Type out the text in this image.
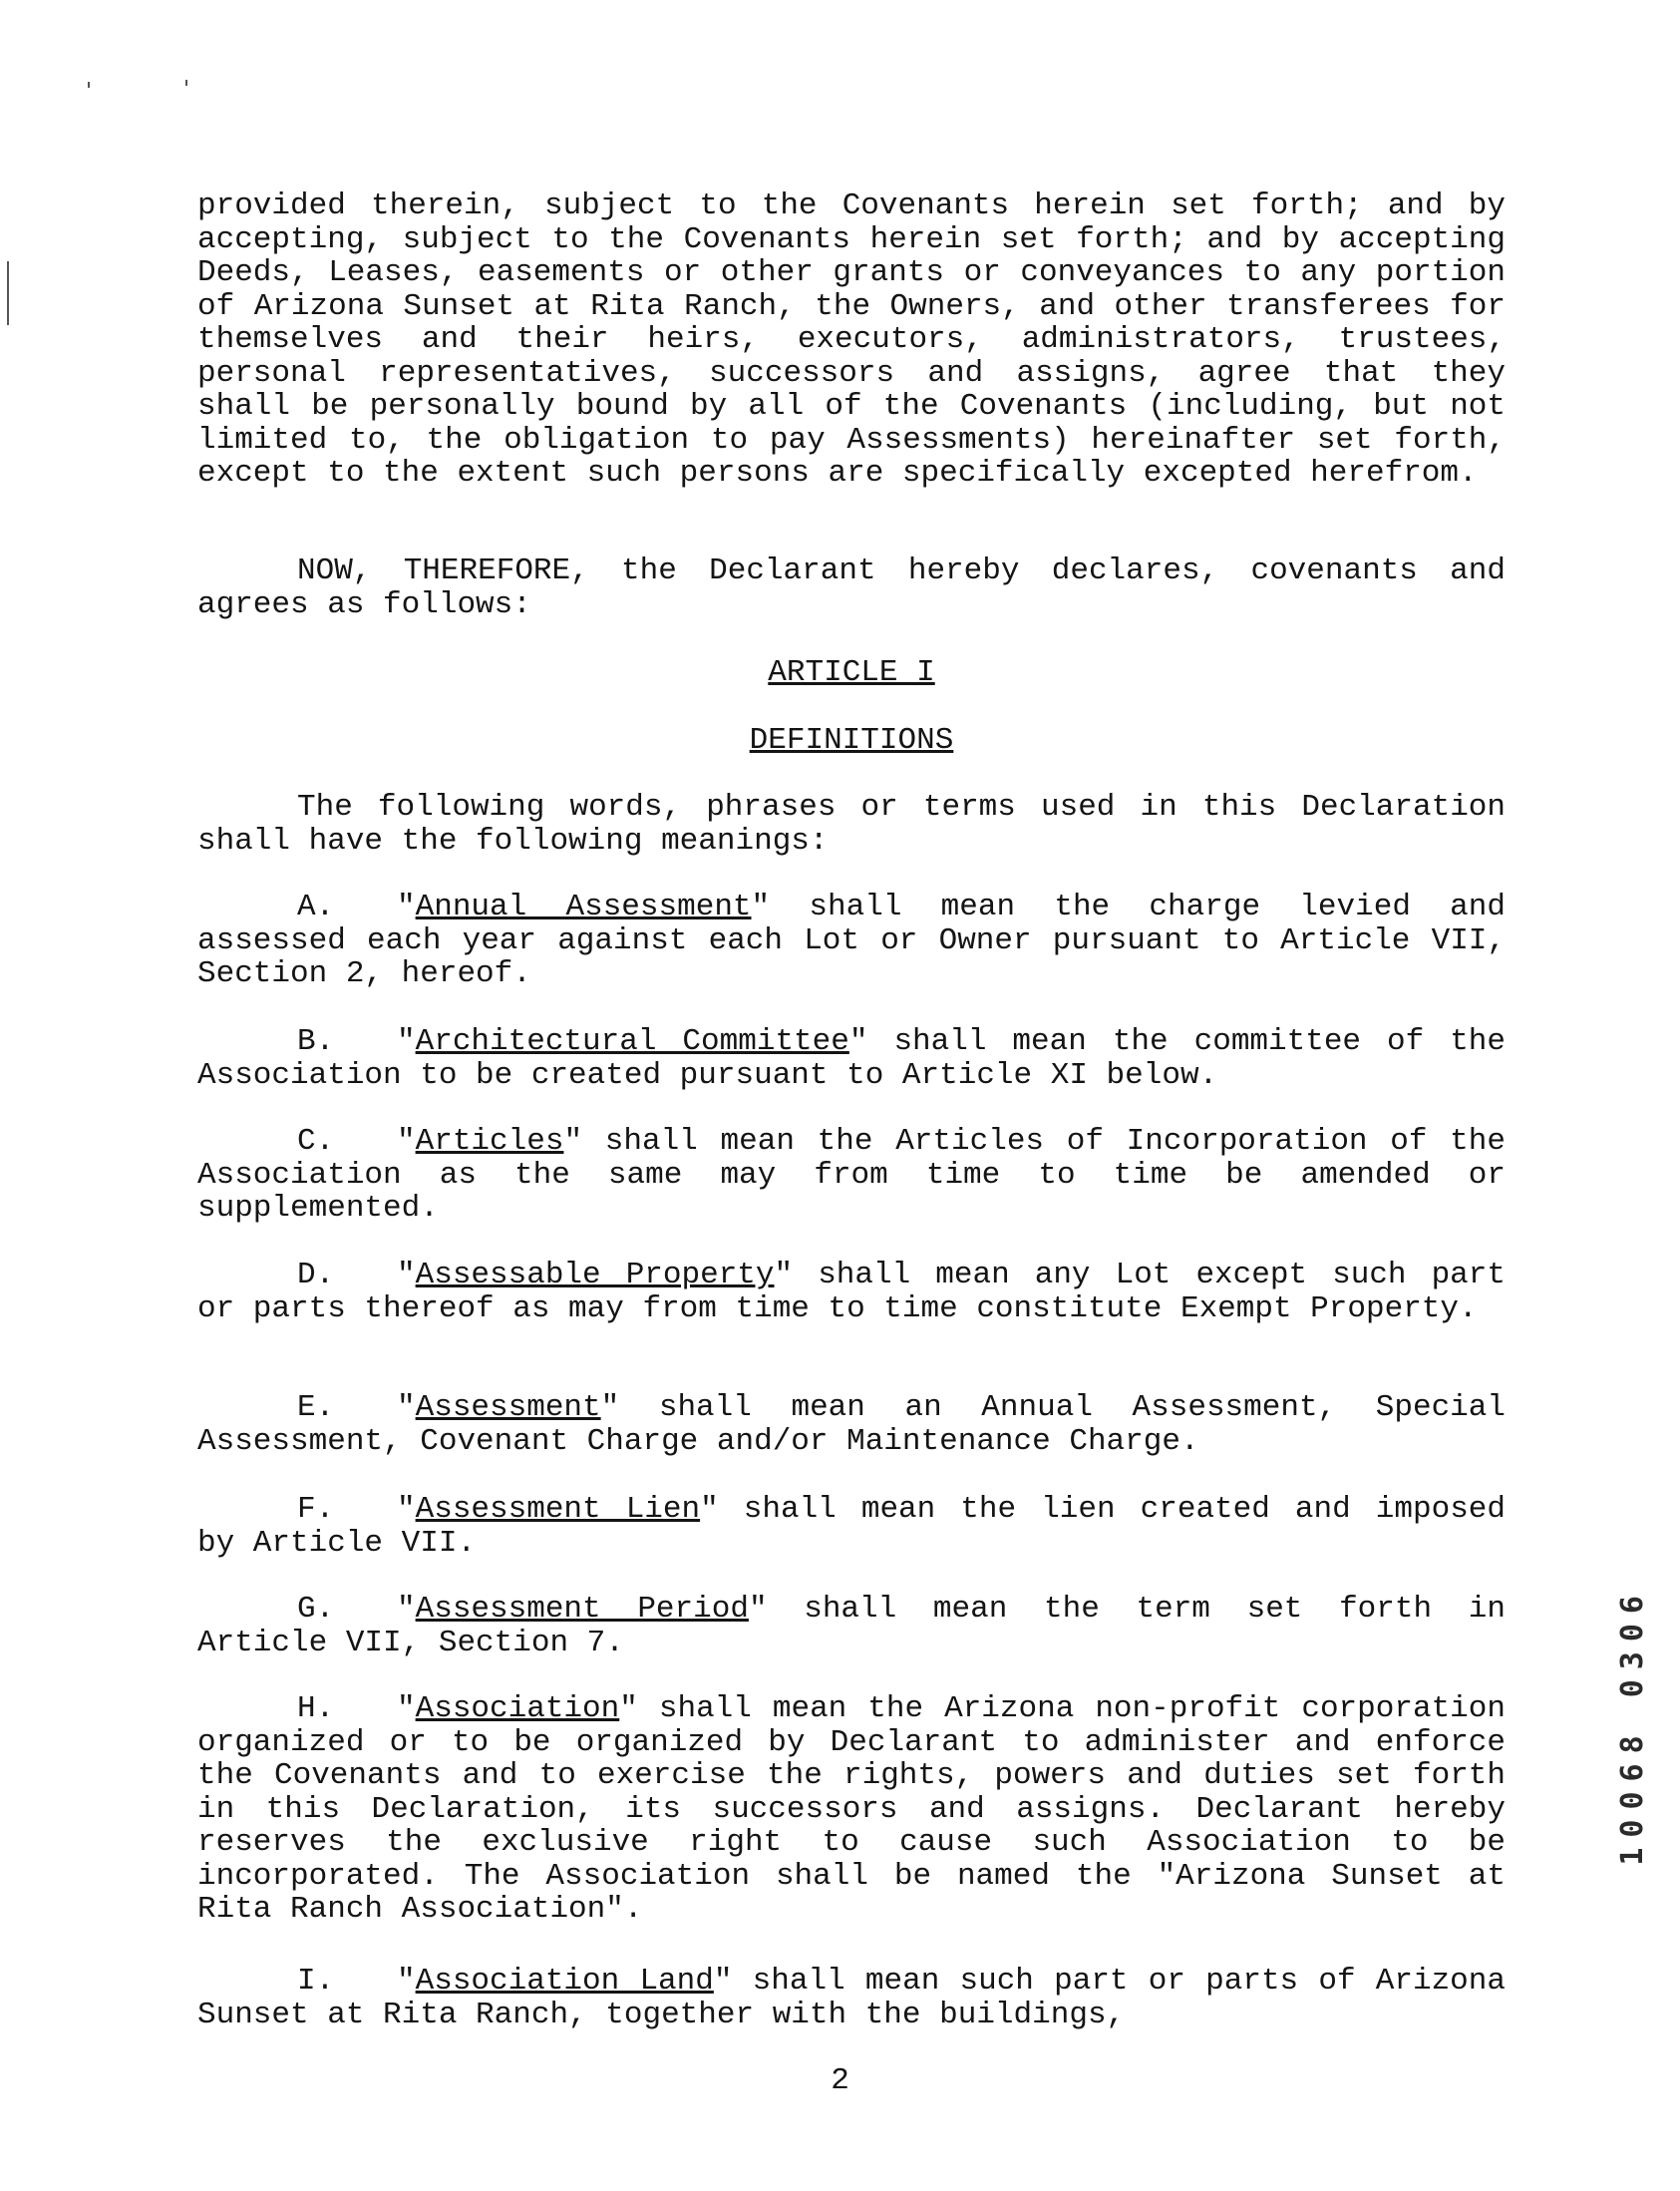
provided therein, subject to the Covenants herein set forth; and by accepting, subject to the Covenants herein set forth; and by accepting Deeds, Leases, easements or other grants or conveyances to any portion of Arizona Sunset at Rita Ranch, the Owners, and other transferees for themselves and their heirs, executors, administrators, trustees, personal representatives, successors and assigns, agree that they shall be personally bound by all of the Covenants (including, but not limited to, the obligation to pay Assessments) hereinafter set forth, except to the extent such persons are specifically excepted herefrom.
NOW, THEREFORE, the Declarant hereby declares, covenants and agrees as follows:
ARTICLE I
DEFINITIONS
The following words, phrases or terms used in this Declaration shall have the following meanings:
A. "Annual Assessment" shall mean the charge levied and assessed each year against each Lot or Owner pursuant to Article VII, Section 2, hereof.
B. "Architectural Committee" shall mean the committee of the Association to be created pursuant to Article XI below.
C. "Articles" shall mean the Articles of Incorporation of the Association as the same may from time to time be amended or supplemented.
D. "Assessable Property" shall mean any Lot except such part or parts thereof as may from time to time constitute Exempt Property.
E. "Assessment" shall mean an Annual Assessment, Special Assessment, Covenant Charge and/or Maintenance Charge.
F. "Assessment Lien" shall mean the lien created and imposed by Article VII.
G. "Assessment Period" shall mean the term set forth in Article VII, Section 7.
H. "Association" shall mean the Arizona non-profit corporation organized or to be organized by Declarant to administer and enforce the Covenants and to exercise the rights, powers and duties set forth in this Declaration, its successors and assigns. Declarant hereby reserves the exclusive right to cause such Association to be incorporated. The Association shall be named the "Arizona Sunset at Rita Ranch Association".
I. "Association Land" shall mean such part or parts of Arizona Sunset at Rita Ranch, together with the buildings,
2
10068 0306
